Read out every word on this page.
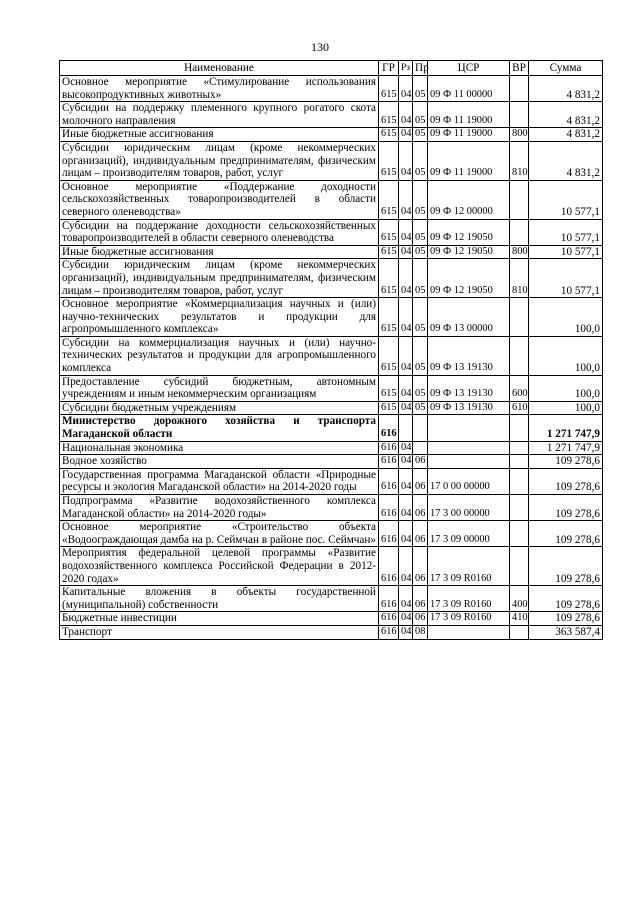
130
Наименование	ГР	Рз	Пр	ЦСР	ВР	Сумма
Основное мероприятие «Стимулирование использования высокопродуктивных животных»	615	04	05	09 Ф 11 00000		4 831,2
Субсидии на поддержку племенного крупного рогатого скота молочного направления	615	04	05	09 Ф 11 19000		4 831,2
Иные бюджетные ассигнования	615	04	05	09 Ф 11 19000	800	4 831,2
Субсидии юридическим лицам (кроме некоммерческих организаций), индивидуальным предпринимателям, физическим лицам – производителям товаров, работ, услуг	615	04	05	09 Ф 11 19000	810	4 831,2
Основное мероприятие «Поддержание доходности сельскохозяйственных товаропроизводителей в области северного оленеводства»	615	04	05	09 Ф 12 00000		10 577,1
Субсидии на поддержание доходности сельскохозяйственных товаропроизводителей в области северного оленеводства	615	04	05	09 Ф 12 19050		10 577,1
Иные бюджетные ассигнования	615	04	05	09 Ф 12 19050	800	10 577,1
Субсидии юридическим лицам (кроме некоммерческих организаций), индивидуальным предпринимателям, физическим лицам – производителям товаров, работ, услуг	615	04	05	09 Ф 12 19050	810	10 577,1
Основное мероприятие «Коммерциализация научных и (или) научно-технических результатов и продукции для агропромышленного комплекса»	615	04	05	09 Ф 13 00000		100,0
Субсидии на коммерциализация научных и (или) научно-технических результатов и продукции для агропромышленного комплекса	615	04	05	09 Ф 13 19130		100,0
Предоставление субсидий бюджетным, автономным учреждениям и иным некоммерческим организациям	615	04	05	09 Ф 13 19130	600	100,0
Субсидии бюджетным учреждениям	615	04	05	09 Ф 13 19130	610	100,0
Министерство дорожного хозяйства и транспорта Магаданской области	616					1 271 747,9
Национальная экономика	616	04				1 271 747,9
Водное хозяйство	616	04	06			109 278,6
Государственная программа Магаданской области «Природные ресурсы и экология Магаданской области» на 2014-2020 годы	616	04	06	17 0 00 00000		109 278,6
Подпрограмма «Развитие водохозяйственного комплекса Магаданской области» на 2014-2020 годы»	616	04	06	17 3 00 00000		109 278,6
Основное мероприятие «Строительство объекта «Водоограждающая дамба на р. Сеймчан в районе пос. Сеймчан»	616	04	06	17 3 09 00000		109 278,6
Мероприятия федеральной целевой программы «Развитие водохозяйственного комплекса Российской Федерации в 2012-2020 годах»	616	04	06	17 3 09 R0160		109 278,6
Капитальные вложения в объекты государственной (муниципальной) собственности	616	04	06	17 3 09 R0160	400	109 278,6
Бюджетные инвестиции	616	04	06	17 3 09 R0160	410	109 278,6
Транспорт	616	04	08			363 587,4
